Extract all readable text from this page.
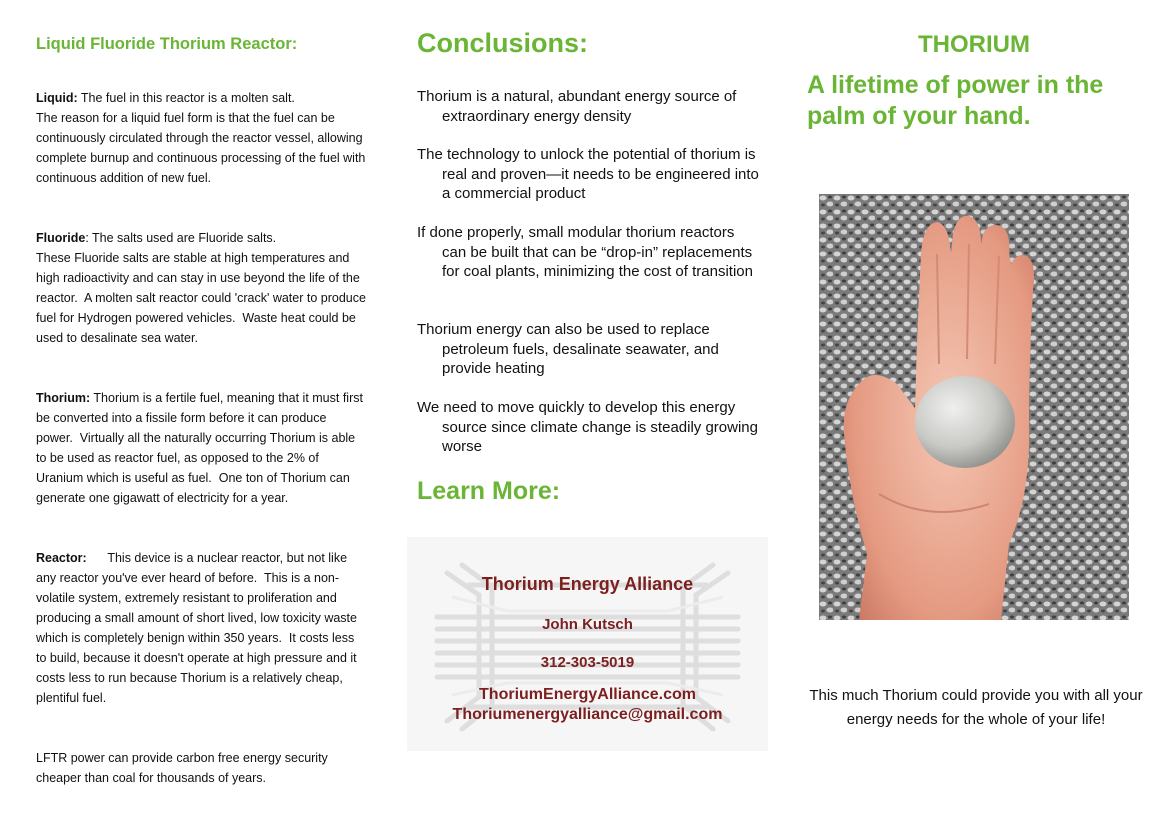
Liquid Fluoride Thorium Reactor:

Liquid: The fuel in this reactor is a molten salt.
The reason for a liquid fuel form is that the fuel can be continuously circulated through the reactor vessel, allowing complete burnup and continuous processing of the fuel with continuous addition of new fuel.

Fluoride: The salts used are Fluoride salts.
These Fluoride salts are stable at high temperatures and high radioactivity and can stay in use beyond the life of the reactor.  A molten salt reactor could 'crack' water to produce fuel for Hydrogen powered vehicles.  Waste heat could be used to desalinate sea water.

Thorium: Thorium is a fertile fuel, meaning that it must first be converted into a fissile form before it can produce power.  Virtually all the naturally occurring Thorium is able to be used as reactor fuel, as opposed to the 2% of Uranium which is useful as fuel.  One ton of Thorium can generate one gigawatt of electricity for a year.

Reactor:      This device is a nuclear reactor, but not like any reactor you've ever heard of before.  This is a non-volatile system, extremely resistant to proliferation and producing a small amount of short lived, low toxicity waste which is completely benign within 350 years.  It costs less to build, because it doesn't operate at high pressure and it costs less to run because Thorium is a relatively cheap, plentiful fuel.

LFTR power can provide carbon free energy security cheaper than coal for thousands of years.

Conclusions:

Thorium is a natural, abundant energy source of extraordinary energy density

The technology to unlock the potential of thorium is real and proven—it needs to be engineered into a commercial product

If done properly, small modular thorium reactors can be built that can be “drop-in” replacements for coal plants, minimizing the cost of transition

Thorium energy can also be used to replace petroleum fuels, desalinate seawater, and provide heating

We need to move quickly to develop this energy source since climate change is steadily growing worse

Learn More:
Thorium Energy Alliance
John Kutsch
312-303-5019
ThoriumEnergyAlliance.com
Thoriumenergyalliance@gmail.com
THORIUM
A lifetime of power in the palm of your hand.
This much Thorium could provide you with all your energy needs for the whole of your life!
